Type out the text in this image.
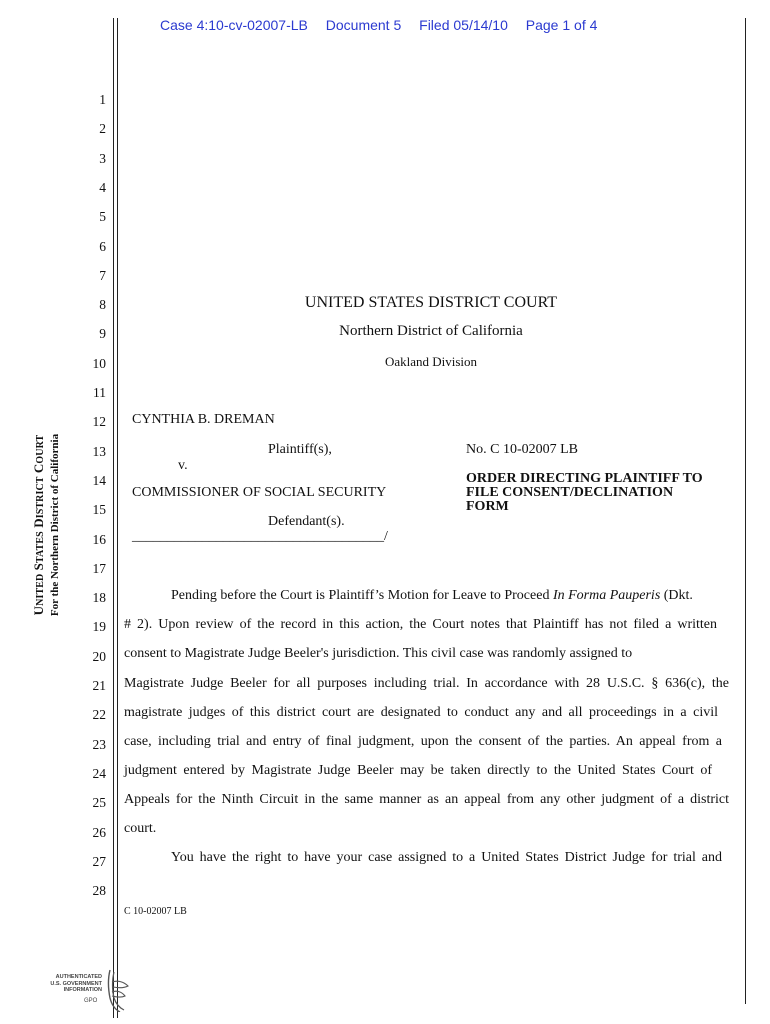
Case 4:10-cv-02007-LB Document 5 Filed 05/14/10 Page 1 of 4
1
2
3
4
5
6
7
8
9
10
11
12
13
14
15
16
17
18
19
20
21
22
23
24
25
26
27
28
UNITED STATES DISTRICT COURT
Northern District of California
Oakland Division
CYNTHIA B. DREMAN
Plaintiff(s),
v.
COMMISSIONER OF SOCIAL SECURITY
Defendant(s).
____________________________________/
No. C 10-02007 LB
ORDER DIRECTING PLAINTIFF TO
FILE CONSENT/DECLINATION
FORM
Pending before the Court is Plaintiff’s Motion for Leave to Proceed In Forma Pauperis (Dkt.
# 2). Upon review of the record in this action, the Court notes that Plaintiff has not filed a written
consent to Magistrate Judge Beeler's jurisdiction. This civil case was randomly assigned to
Magistrate Judge Beeler for all purposes including trial. In accordance with 28 U.S.C. § 636(c), the
magistrate judges of this district court are designated to conduct any and all proceedings in a civil
case, including trial and entry of final judgment, upon the consent of the parties. An appeal from a
judgment entered by Magistrate Judge Beeler may be taken directly to the United States Court of
Appeals for the Ninth Circuit in the same manner as an appeal from any other judgment of a district
court.
You have the right to have your case assigned to a United States District Judge for trial and
UNITED STATES DISTRICT COURT For the Northern District of California
C 10-02007 LB
AUTHENTICATED
U.S. GOVERNMENT
INFORMATION
GPO
